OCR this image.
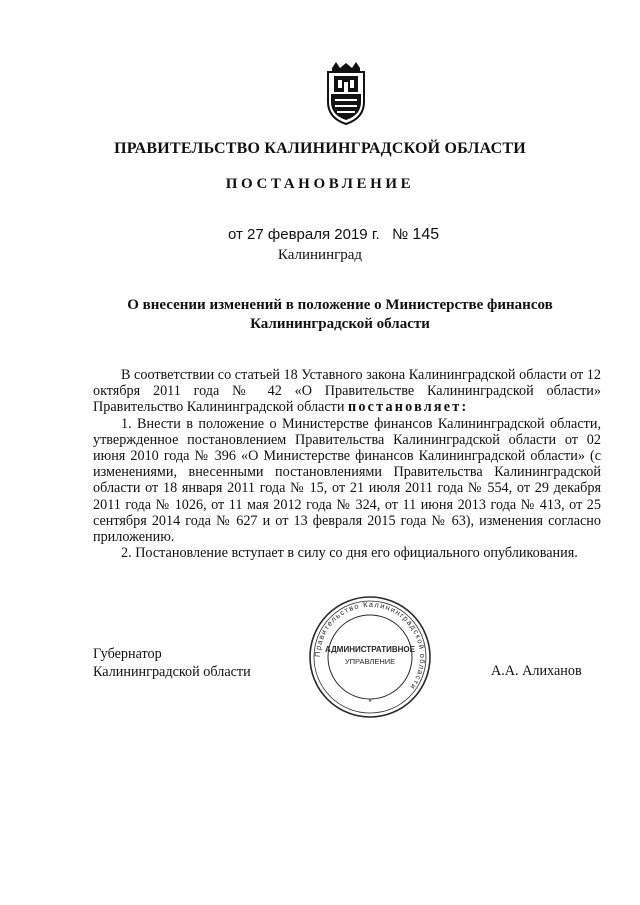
ПРАВИТЕЛЬСТВО КАЛИНИНГРАДСКОЙ ОБЛАСТИ
ПОСТАНОВЛЕНИЕ
от 27 февраля 2019 г. № 145
Калининград
О внесении изменений в положение о Министерстве финансов
Калининградской области

В соответствии со статьей 18 Уставного закона Калининградской области от 12 октября 2011 года № 42 «О Правительстве Калининградской области» Правительство Калининградской области постановляет:

1. Внести в положение о Министерстве финансов Калининградской области, утвержденное постановлением Правительства Калининградской области от 02 июня 2010 года № 396 «О Министерстве финансов Калининградской области» (с изменениями, внесенными постановлениями Правительства Калининградской области от 18 января 2011 года № 15, от 21 июля 2011 года № 554, от 29 декабря 2011 года № 1026, от 11 мая 2012 года № 324, от 11 июня 2013 года № 413, от 25 сентября 2014 года № 627 и от 13 февраля 2015 года № 63), изменения согласно приложению.

2. Постановление вступает в силу со дня его официального опубликования.

Губернатор
Калининградской области
Правительство Калининградской области
АДМИНИСТРАТИВНОЕ
УПРАВЛЕНИЕ
*
А.А. Алиханов
